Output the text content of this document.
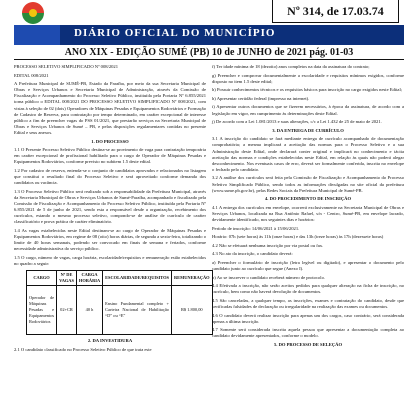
Nº 314, de 17.03.74
DIÁRIO OFICIAL DO MUNICÍPIO
ANO XIX - EDIÇÃO SUMÉ (PB) 10 de JUNHO de 2021 pág. 01-03

PROCESSO SELETIVO SIMPLIFICADO Nº 008/2021

EDITAL 008/2021

A Prefeitura Municipal de SUMÉ-PB, Estado da Paraíba, por meio da sua Secretaria Municipal de Obras e Serviços Urbanos e Secretaria Municipal de Administração, através da Comissão de Fiscalização e Acompanhamento do Processo Seletivo Público, instituída pela Portaria Nº 6.855/2021 torna público o EDITAL 008/2021 DO PROCESSO SELETIVO SIMPLIFICADO Nº 008/2021, com vistas à seleção de 02 (dois) Operadores de Máquinas Pesadas e Equipamentos Rodoviários e Formação de Cadastro de Reserva, para contratação por tempo determinado, em caráter excepcional de interesse público a fim de preencher vagas do PSS 01/2021, que prestarão serviços na Secretaria Municipal de Obras e Serviços Urbanos de Sumé – PB, e pelas disposições regulamentares contidas no presente Edital e seus anexos.

1. DO PROCESSO

1.1 O Presente Processo Seletivo Público destina-se ao provimento de vaga para contratação temporária em caráter excepcional de profissional habilitado para o cargo de Operador de Máquinas Pesadas e Equipamentos Rodoviários, conforme previsto no subitem 1.5 deste edital.

1.2 Por cadastro de reserva, entenda-se o conjunto de candidatos aprovados e relacionados no listagem que constitui o resultado final do Processo Seletivo e será aproveitado conforme demanda dos candidatos ou vacância.

1.3 O Processo Seletivo Público será realizado sob a responsabilidade da Prefeitura Municipal, através da Secretaria Municipal de Obras e Serviços Urbanos de Sumé-Paraíba, acompanhado e fiscalizado pela Comissão de Fiscalização e Acompanhamento do Processo Seletivo Público, instituída pela Portaria Nº 6.855/2021 de 5 de junho de 2021, sendo esta a responsável desde a organização, recebimento dos currículos, estando o mesmo processo seletivo, compondo-se de análise de currículo de caráter classificatório e prova prática de caráter eliminatório.

1.4 As vagas estabelecidas neste Edital destinam-se ao cargo de Operador de Máquinas Pesadas e Equipamentos Rodoviários, em regime de 08 (oito) horas diárias, de segunda a sexta-feira, totalizando o limite de 40 horas semanais, podendo ser convocado em finais de semana e feriados, conforme necessidade administrativa do serviço público.

1.5 O cargo, número de vagas, carga horária, escolaridade/requisitos e remuneração estão estabelecidos no quadro a seguir:

CARGO	Nº DE VAGAS	CARGA HORÁRIA	ESCOLARIDADE/REQUISITOS	REMUNERAÇÃO
Operador de Máquinas Pesadas e Equipamentos Rodoviários	02+CR	40 h	Ensino Fundamental completo + Carteira Nacional de Habilitação “D” ou “E”	R$ 1.800,00

2. DA INVESTIDURA

2.1 O candidato classificado no Processo Seletivo Público de que trata este

f) Ter idade mínima de 18 (dezoito) anos completos na data da assinatura do contrato;

g) Preencher e comprovar documentalmente a escolaridade e requisitos mínimos exigidos, conforme disposto no item 1.5 deste edital;

h) Possuir conhecimentos técnicos e os requisitos básicos para inscrição no cargo exigidos neste Edital;

h) Apresentar certidão federal (impresso na internet).

i) Apresentar outros documentos que se fizerem necessários, à época da assinatura, de acordo com a legislação em vigor, em cumprimento às determinações deste Edital.

j) De acordo com a Lei 1.081/2013 e suas alterações, c/c a Lei 1.432 de 25 de maio de 2021.

3. DA ENTREGA DE CURRÍCULO

3.1 A inscrição do candidato se fará mediante entrega de currículo acompanhado de documentação comprobatória; a mesma implicará a aceitação das normas para o Processo Seletivo e a sua Administração deste Edital, onde declarará conter original e implicará no conhecimento e tácita aceitação das normas e condições estabelecidas neste Edital, em relação às quais não poderá alegar desconhecimento. Nos eventuais casos de erro, deverá ser formalmente conferida, inscrita no envelope o fechado pelo candidato.

3.2 A análise dos currículos será feita pela Comissão de Fiscalização e Acompanhamento do Processo Seletivo Simplificado Público, sendo todos as informações divulgadas no site oficial da prefeitura (www.sume.pb.gov.br), pelas Redes Sociais da Prefeitura Municipal de Sumé-PB.

4. DO PROCEDIMENTO DE INSCRIÇÃO

4.1 A entrega dos currículos em envelope, ocorrerá exclusivamente na Secretaria Municipal de Obras e Serviços Urbanos, localizada na Rua Antônio Rafael, s/n - Centro, Sumé-PB, em envelope lacrado, devidamente identificado, nos seguintes dias e horários:

Período de inscrição: 14/06/2021 à 15/06/2021.

Horário: 07h (sete horas) às 11h (onze horas) e das 13h (treze horas) às 17h (dezessete horas)

4.2 Não se efetuará nenhuma inscrição por via postal ou fax.

4.3 No ato da inscrição, o candidato deverá:

a) Preencher o formulário de inscrição (letra legível ou digitado), e apresentar o documento pelo candidato junto ao currículo que segue (Anexo I).

b) Ao se inscrever o candidato receberá número de protocolo.

4.4 Efetivada a inscrição, não serão aceitos pedidos para qualquer alteração na ficha de inscrição, no currículo, bem como não haverá devolução de documentos.

4.5 São canceladas, a qualquer tempo, as inscrições, exames e contratação do candidato, desde que verificadas falsidades de declaração ou irregularidade na realização das exames ou documentos.

4.6 O candidato deverá realizar inscrição para apenas um dos cargos, caso contrário, será considerada apenas a última inscrição.

4.7 Somente será considerada inscrita aquela pessoa que apresentar a documentação completa ao candidato devidamente apresentados, conforme o modelo.

5. DO PROCESSO DE SELEÇÃO
